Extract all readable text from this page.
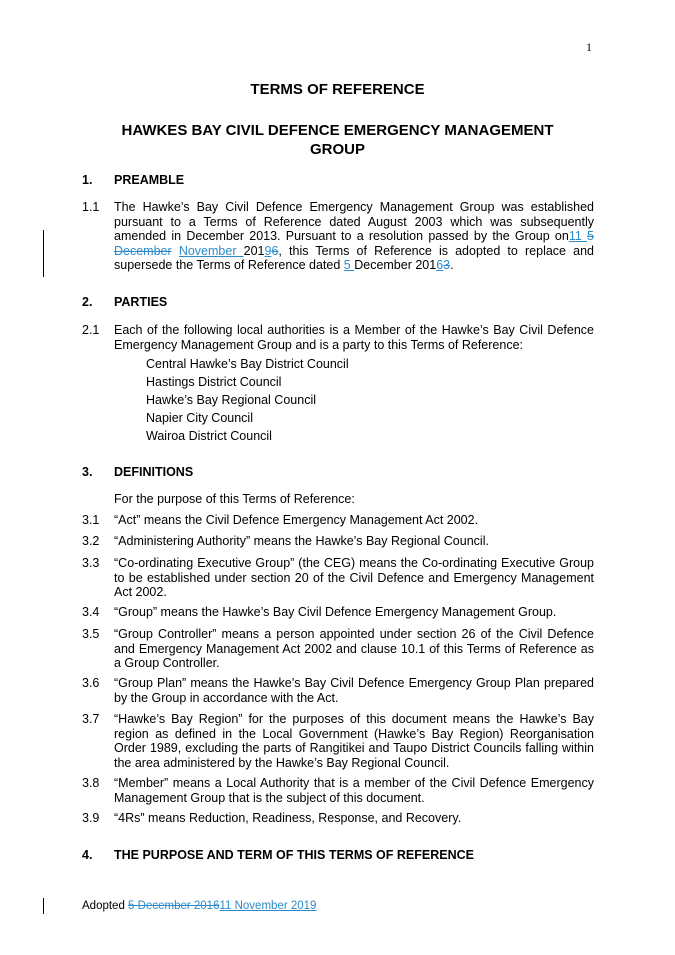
1
TERMS OF REFERENCE
HAWKES BAY CIVIL DEFENCE EMERGENCY MANAGEMENT
GROUP
1. PREAMBLE
1.1 The Hawke’s Bay Civil Defence Emergency Management Group was established pursuant to a Terms of Reference dated August 2003 which was subsequently amended in December 2013. Pursuant to a resolution passed by the Group on11 5 December November 20196, this Terms of Reference is adopted to replace and supersede the Terms of Reference dated 5 December 20163.
2. PARTIES
2.1 Each of the following local authorities is a Member of the Hawke’s Bay Civil Defence Emergency Management Group and is a party to this Terms of Reference:
Central Hawke’s Bay District Council
Hastings District Council
Hawke’s Bay Regional Council
Napier City Council
Wairoa District Council
3. DEFINITIONS
For the purpose of this Terms of Reference:
3.1 “Act” means the Civil Defence Emergency Management Act 2002.
3.2 “Administering Authority” means the Hawke’s Bay Regional Council.
3.3 “Co-ordinating Executive Group” (the CEG) means the Co-ordinating Executive Group to be established under section 20 of the Civil Defence and Emergency Management Act 2002.
3.4 “Group” means the Hawke’s Bay Civil Defence Emergency Management Group.
3.5 “Group Controller” means a person appointed under section 26 of the Civil Defence and Emergency Management Act 2002 and clause 10.1 of this Terms of Reference as a Group Controller.
3.6 “Group Plan” means the Hawke’s Bay Civil Defence Emergency Group Plan prepared by the Group in accordance with the Act.
3.7 “Hawke’s Bay Region” for the purposes of this document means the Hawke’s Bay region as defined in the Local Government (Hawke’s Bay Region) Reorganisation Order 1989, excluding the parts of Rangitikei and Taupo District Councils falling within the area administered by the Hawke’s Bay Regional Council.
3.8 “Member” means a Local Authority that is a member of the Civil Defence Emergency Management Group that is the subject of this document.
3.9 “4Rs” means Reduction, Readiness, Response, and Recovery.
4. THE PURPOSE AND TERM OF THIS TERMS OF REFERENCE
Adopted 5 December 201611 November 2019
